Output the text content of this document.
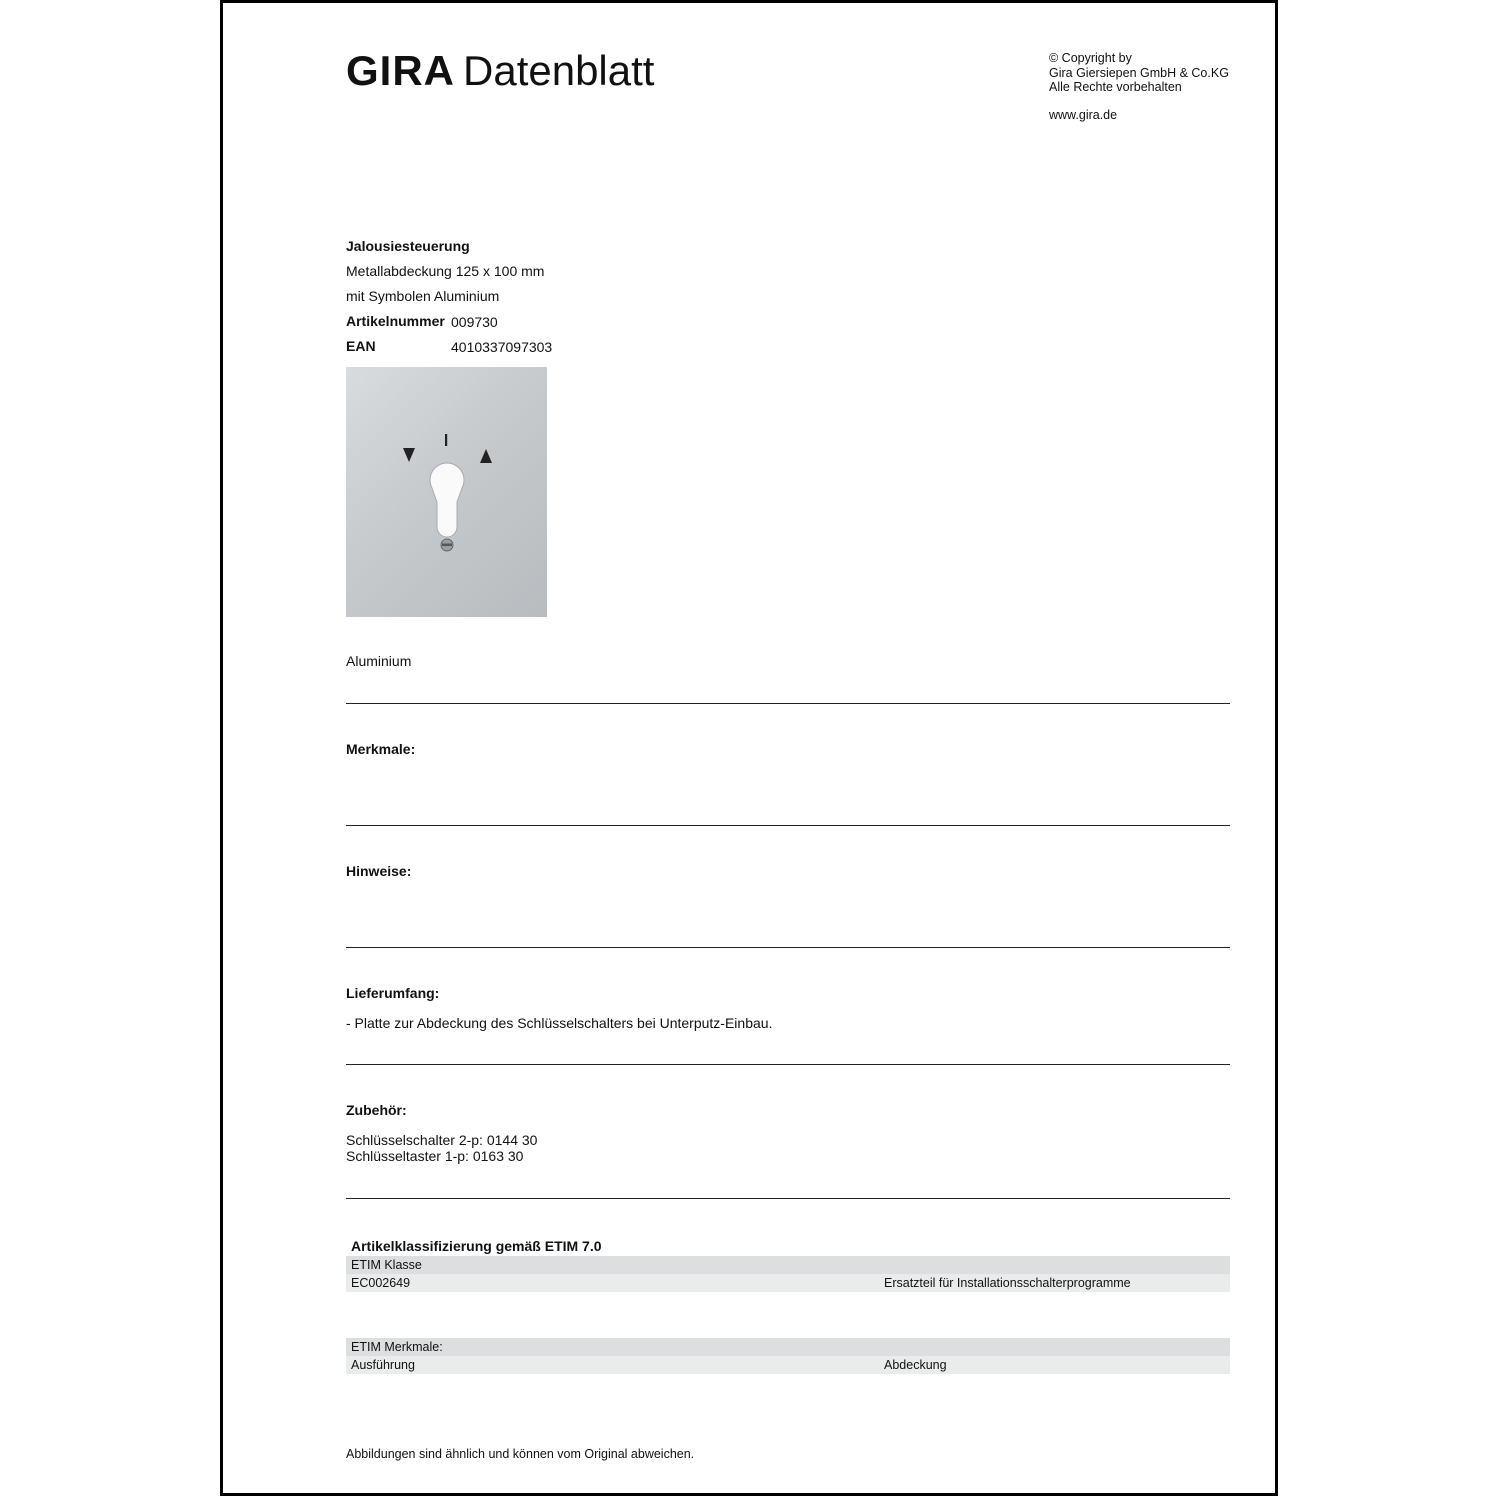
GIRA Datenblatt	© Copyright by
Gira Giersiepen GmbH & Co.KG
Alle Rechte vorbehalten
www.gira.de
Jalousiesteuerung
Metallabdeckung 125 x 100 mm
mit Symbolen Aluminium
Artikelnummer 009730
EAN	4010337097303
Aluminium
Merkmale:
Hinweise:
Lieferumfang:
- Platte zur Abdeckung des Schlüsselschalters bei Unterputz-Einbau.
Zubehör:
Schlüsselschalter 2-p: 0144 30
Schlüsseltaster 1-p: 0163 30
Artikelklassifizierung gemäß ETIM 7.0
ETIM Klasse
EC002649	Ersatzteil für Installationsschalterprogramme
ETIM Merkmale:
Ausführung	Abdeckung
Abbildungen sind ähnlich und können vom Original abweichen.
